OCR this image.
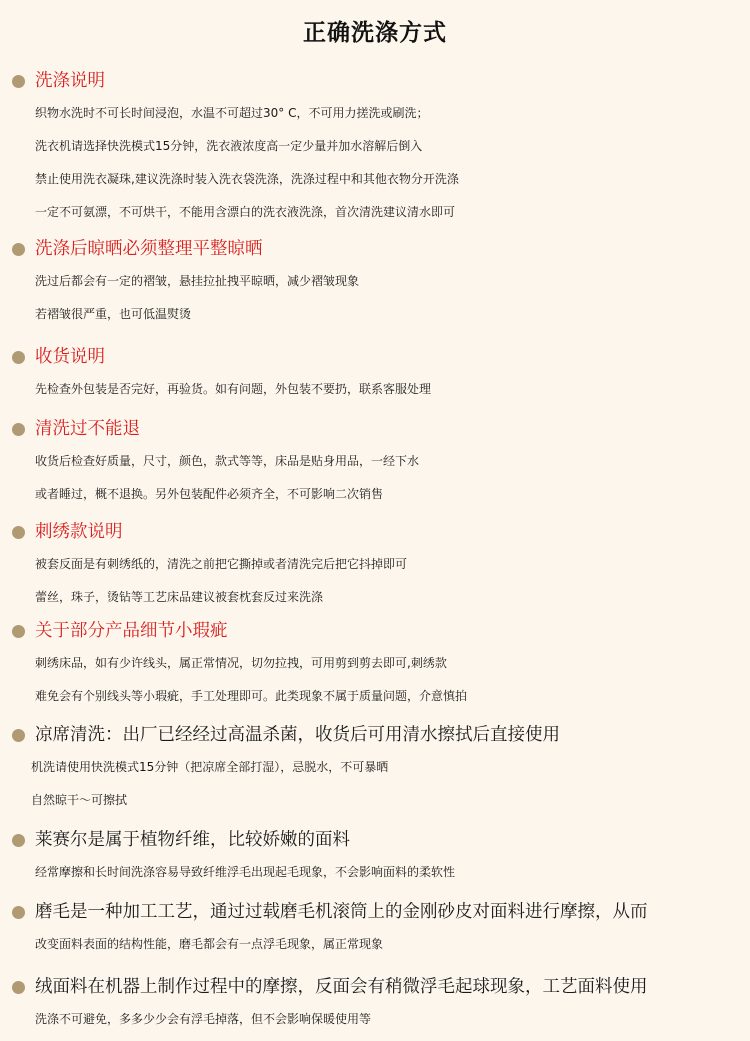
正确洗涤方式
洗涤说明
织物水洗时不可长时间浸泡，水温不可超过30° C，不可用力搓洗或刷洗；
洗衣机请选择快洗模式15分钟，洗衣液浓度高一定少量并加水溶解后倒入
禁止使用洗衣凝珠,建议洗涤时装入洗衣袋洗涤，洗涤过程中和其他衣物分开洗涤
一定不可氨漂，不可烘干，不能用含漂白的洗衣液洗涤，首次清洗建议清水即可
洗涤后晾晒必须整理平整晾晒
洗过后都会有一定的褶皱，悬挂拉扯拽平晾晒，减少褶皱现象
若褶皱很严重，也可低温熨烫
收货说明
先检查外包装是否完好，再验货。如有问题，外包装不要扔，联系客服处理
清洗过不能退
收货后检查好质量，尺寸，颜色，款式等等，床品是贴身用品，一经下水
或者睡过，概不退换。另外包装配件必须齐全，不可影响二次销售
刺绣款说明
被套反面是有刺绣纸的，清洗之前把它撕掉或者清洗完后把它抖掉即可
蕾丝，珠子，烫钻等工艺床品建议被套枕套反过来洗涤
关于部分产品细节小瑕疵
刺绣床品，如有少许线头，属正常情况，切勿拉拽，可用剪到剪去即可,刺绣款
难免会有个别线头等小瑕疵，手工处理即可。此类现象不属于质量问题，介意慎拍
凉席清洗：出厂已经经过高温杀菌，收货后可用清水擦拭后直接使用
机洗请使用快洗模式15分钟（把凉席全部打湿），忌脱水，不可暴晒
自然晾干～可擦拭
莱赛尔是属于植物纤维，比较娇嫩的面料
经常摩擦和长时间洗涤容易导致纤维浮毛出现起毛现象，不会影响面料的柔软性
磨毛是一种加工工艺，通过过载磨毛机滚筒上的金刚砂皮对面料进行摩擦，从而
改变面料表面的结构性能，磨毛都会有一点浮毛现象，属正常现象
绒面料在机器上制作过程中的摩擦，反面会有稍微浮毛起球现象，工艺面料使用
洗涤不可避免，多多少少会有浮毛掉落，但不会影响保暖使用等
